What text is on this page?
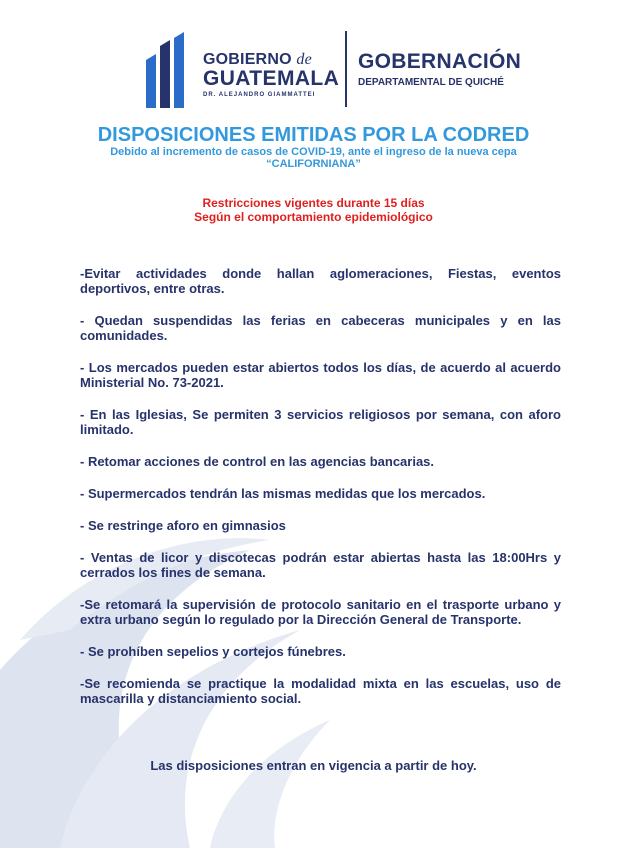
GOBIERNO de
GUATEMALA
DR. ALEJANDRO GIAMMATTEI
GOBERNACIÓN
DEPARTAMENTAL DE QUICHÉ
DISPOSICIONES EMITIDAS POR LA CODRED
Debido al incremento de casos de COVID-19, ante el ingreso de la nueva cepa
“CALIFORNIANA”
Restricciones vigentes durante 15 días
Según el comportamiento epidemiológico

-Evitar actividades donde hallan aglomeraciones, Fiestas, eventos deportivos, entre otras.

- Quedan suspendidas las ferias en cabeceras municipales y en las comunidades.

- Los mercados pueden estar abiertos todos los días, de acuerdo al acuerdo Ministerial No. 73-2021.

- En las Iglesias, Se permiten 3 servicios religiosos por semana, con aforo limitado.

- Retomar acciones de control en las agencias bancarias.

- Supermercados tendrán las mismas medidas que los mercados.

- Se restringe aforo en gimnasios

- Ventas de licor y discotecas podrán estar abiertas hasta las 18:00Hrs y cerrados los fines de semana.

-Se retomará la supervisión de protocolo sanitario en el trasporte urbano y extra urbano según lo regulado por la Dirección General de Transporte.

- Se prohíben sepelios y cortejos fúnebres.

-Se recomienda se practique la modalidad mixta en las escuelas, uso de mascarilla y distanciamiento social.

Las disposiciones entran en vigencia a partir de hoy.
